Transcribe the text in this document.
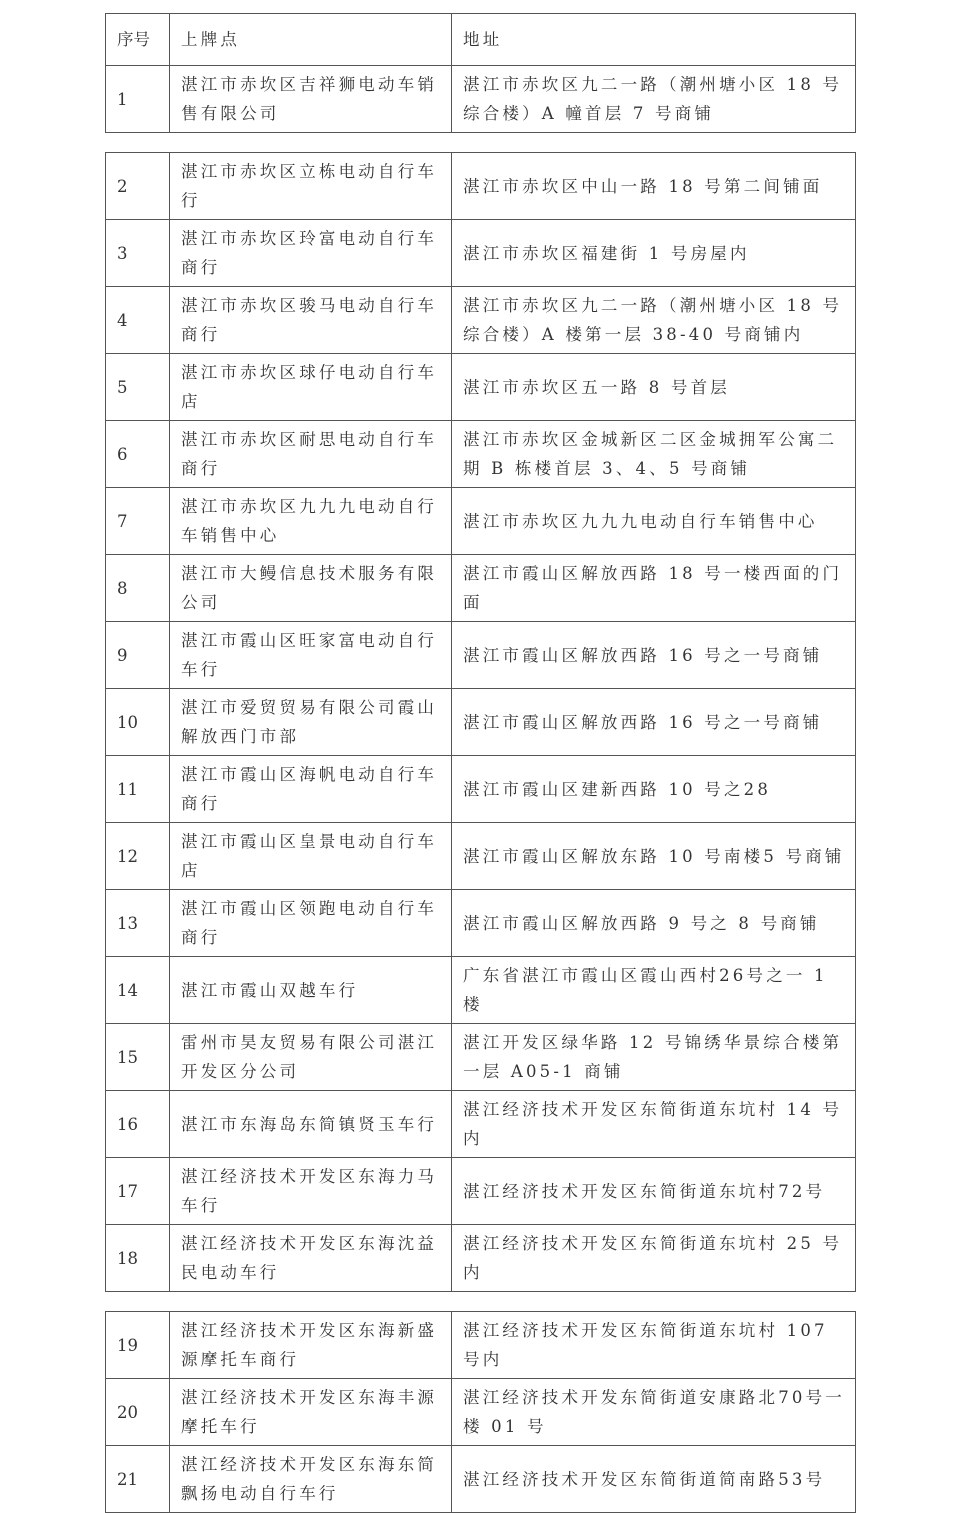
序号	上牌点	地址
1	湛江市赤坎区吉祥狮电动车销售有限公司	湛江市赤坎区九二一路（潮州塘小区 18 号综合楼）A 幢首层 7 号商铺
2	湛江市赤坎区立栋电动自行车行	湛江市赤坎区中山一路 18 号第二间铺面
3	湛江市赤坎区玲富电动自行车商行	湛江市赤坎区福建街 1 号房屋内
4	湛江市赤坎区骏马电动自行车商行	湛江市赤坎区九二一路（潮州塘小区 18 号综合楼）A 楼第一层 38-40 号商铺内
5	湛江市赤坎区球仔电动自行车店	湛江市赤坎区五一路 8 号首层
6	湛江市赤坎区耐思电动自行车商行	湛江市赤坎区金城新区二区金城拥军公寓二期 B 栋楼首层 3、4、5 号商铺
7	湛江市赤坎区九九九电动自行车销售中心	湛江市赤坎区九九九电动自行车销售中心
8	湛江市大鳗信息技术服务有限公司	湛江市霞山区解放西路 18 号一楼西面的门面
9	湛江市霞山区旺家富电动自行车行	湛江市霞山区解放西路 16 号之一号商铺
10	湛江市爱贸贸易有限公司霞山解放西门市部	湛江市霞山区解放西路 16 号之一号商铺
11	湛江市霞山区海帆电动自行车商行	湛江市霞山区建新西路 10 号之28
12	湛江市霞山区皇景电动自行车店	湛江市霞山区解放东路 10 号南楼5 号商铺
13	湛江市霞山区领跑电动自行车商行	湛江市霞山区解放西路 9 号之 8 号商铺
14	湛江市霞山双越车行	广东省湛江市霞山区霞山西村26号之一 1 楼
15	雷州市昊友贸易有限公司湛江开发区分公司	湛江开发区绿华路 12 号锦绣华景综合楼第一层 A05-1 商铺
16	湛江市东海岛东简镇贤玉车行	湛江经济技术开发区东简街道东坑村 14 号内
17	湛江经济技术开发区东海力马车行	湛江经济技术开发区东简街道东坑村72号
18	湛江经济技术开发区东海沈益民电动车行	湛江经济技术开发区东简街道东坑村 25 号内
19	湛江经济技术开发区东海新盛源摩托车商行	湛江经济技术开发区东简街道东坑村 107 号内
20	湛江经济技术开发区东海丰源摩托车行	湛江经济技术开发东简街道安康路北70号一楼 01 号
21	湛江经济技术开发区东海东简飘扬电动自行车行	湛江经济技术开发区东简街道简南路53号
